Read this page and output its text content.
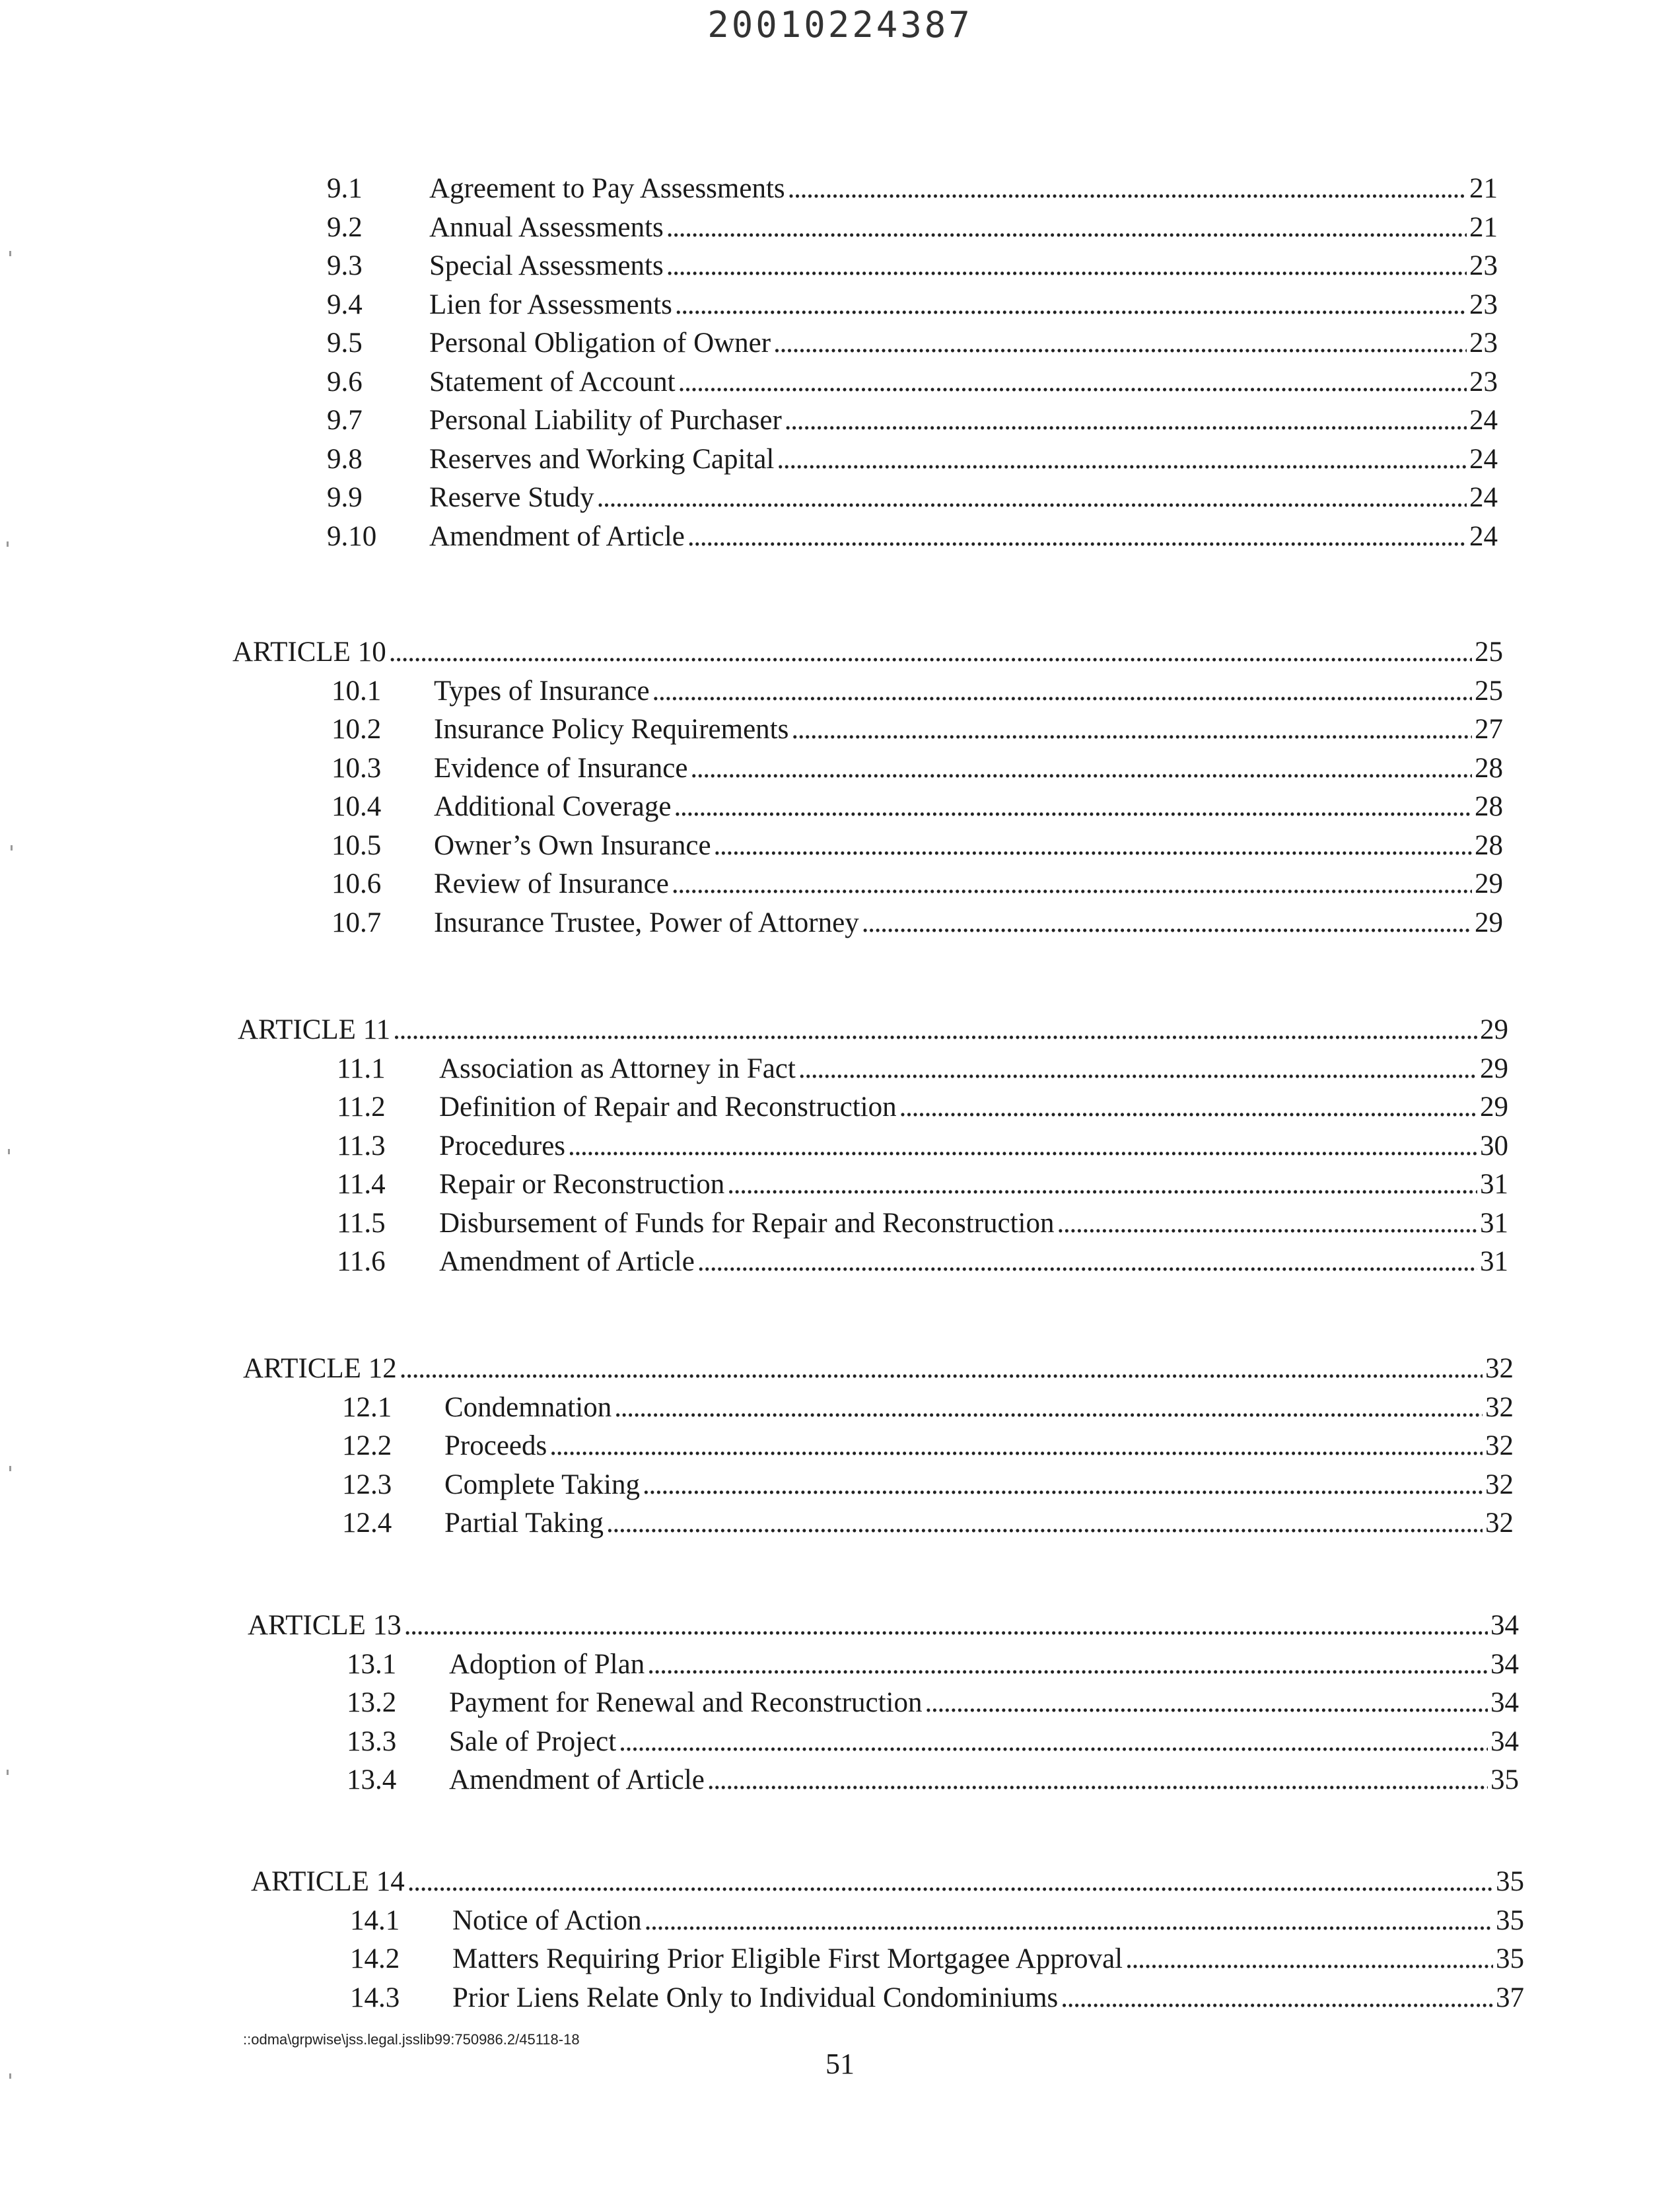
20010224387
9.1	Agreement to Pay Assessments . . .	21
9.2	Annual Assessments . . .	21
9.3	Special Assessments . . .	23
9.4	Lien for Assessments . . .	23
9.5	Personal Obligation of Owner . . .	23
9.6	Statement of Account . . .	23
9.7	Personal Liability of Purchaser . . .	24
9.8	Reserves and Working Capital . . .	24
9.9	Reserve Study . . .	24
9.10	Amendment of Article . . .	24
ARTICLE 10 . . .	25
10.1	Types of Insurance . . .	25
10.2	Insurance Policy Requirements . . .	27
10.3	Evidence of Insurance . . .	28
10.4	Additional Coverage . . .	28
10.5	Owner’s Own Insurance . . .	28
10.6	Review of Insurance . . .	29
10.7	Insurance Trustee, Power of Attorney . . .	29
ARTICLE 11 . . .	29
11.1	Association as Attorney in Fact . . .	29
11.2	Definition of Repair and Reconstruction . . .	29
11.3	Procedures . . .	30
11.4	Repair or Reconstruction . . .	31
11.5	Disbursement of Funds for Repair and Reconstruction . . .	31
11.6	Amendment of Article . . .	31
ARTICLE 12 . . .	32
12.1	Condemnation . . .	32
12.2	Proceeds . . .	32
12.3	Complete Taking . . .	32
12.4	Partial Taking . . .	32
ARTICLE 13 . . .	34
13.1	Adoption of Plan . . .	34
13.2	Payment for Renewal and Reconstruction . . .	34
13.3	Sale of Project . . .	34
13.4	Amendment of Article . . .	35
ARTICLE 14 . . .	35
14.1	Notice of Action . . .	35
14.2	Matters Requiring Prior Eligible First Mortgagee Approval . . .	35
14.3	Prior Liens Relate Only to Individual Condominiums . . .	37
::odma\grpwise\jss.legal.jsslib99:750986.2/45118-18
51
